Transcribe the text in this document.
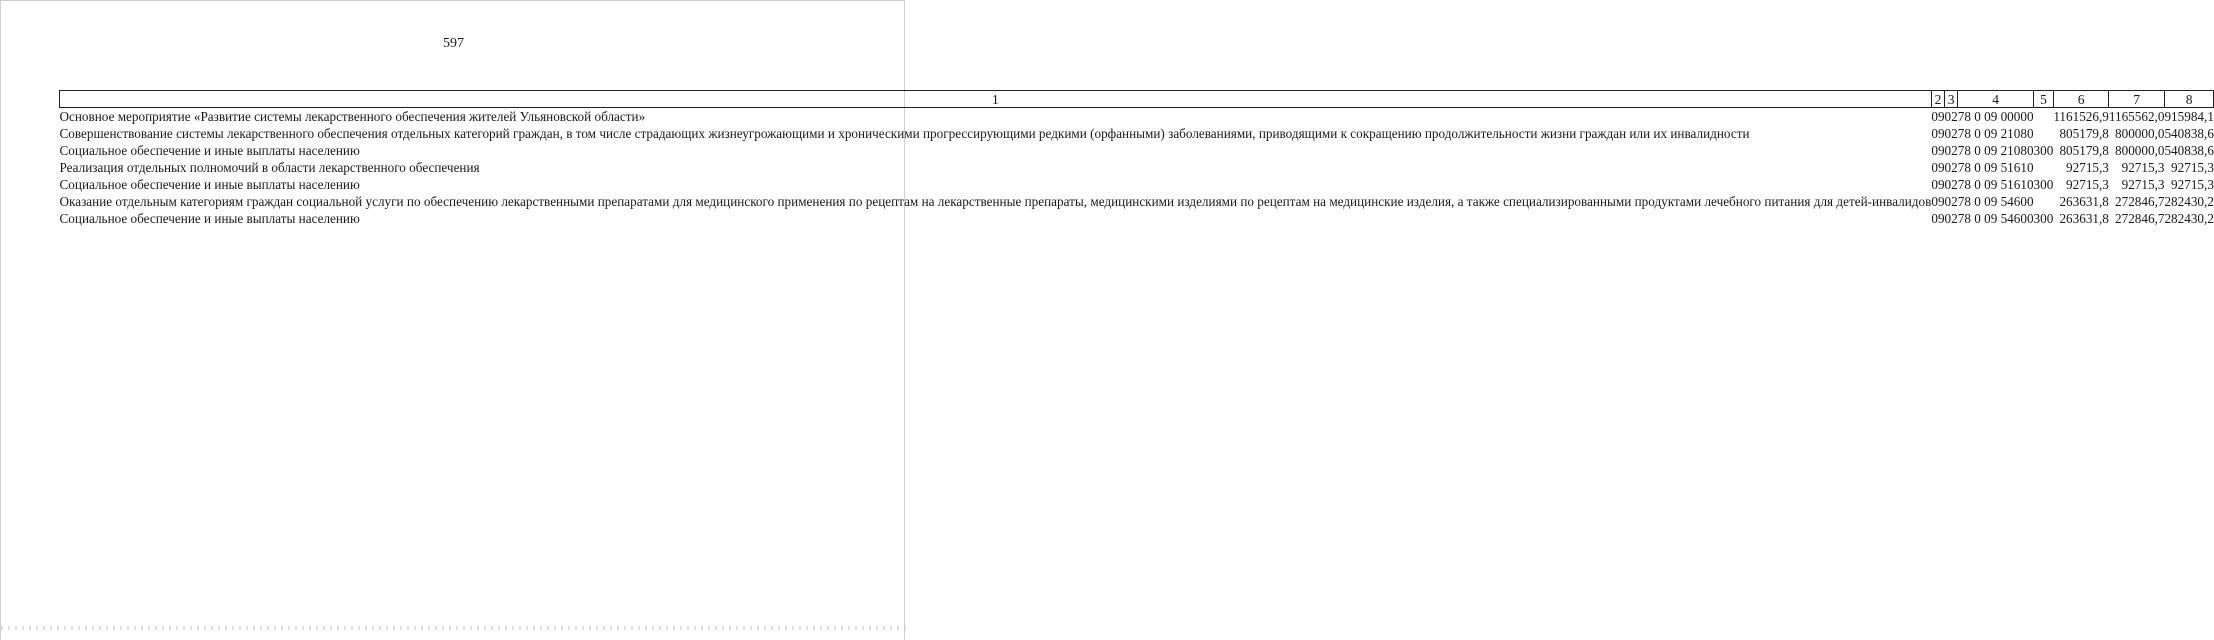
597
1	2	3	4	5	6	7	8
Основное мероприятие «Развитие системы лекарственного обеспечения жителей Ульяновской области»	09	02	78 0 09 00000		1161526,9	1165562,0	915984,1
Совершенствование системы лекарственного обеспечения отдельных категорий граждан, в том числе страдающих жизнеугрожающими и хроническими прогрессирующими редкими (орфанными) заболеваниями, приводящими к сокращению продолжительности жизни граждан или их инвалидности	09	02	78 0 09 21080		805179,8	800000,0	540838,6
Социальное обеспечение и иные выплаты населению	09	02	78 0 09 21080	300	805179,8	800000,0	540838,6
Реализация отдельных полномочий в области лекарственного обеспечения	09	02	78 0 09 51610		92715,3	92715,3	92715,3
Социальное обеспечение и иные выплаты населению	09	02	78 0 09 51610	300	92715,3	92715,3	92715,3
Оказание отдельным категориям граждан социальной услуги по обеспечению лекарственными препаратами для медицинского применения по рецептам на лекарственные препараты, медицинскими изделиями по рецептам на медицинские изделия, а также специализированными продуктами лечебного питания для детей-инвалидов	09	02	78 0 09 54600		263631,8	272846,7	282430,2
Социальное обеспечение и иные выплаты населению	09	02	78 0 09 54600	300	263631,8	272846,7	282430,2
